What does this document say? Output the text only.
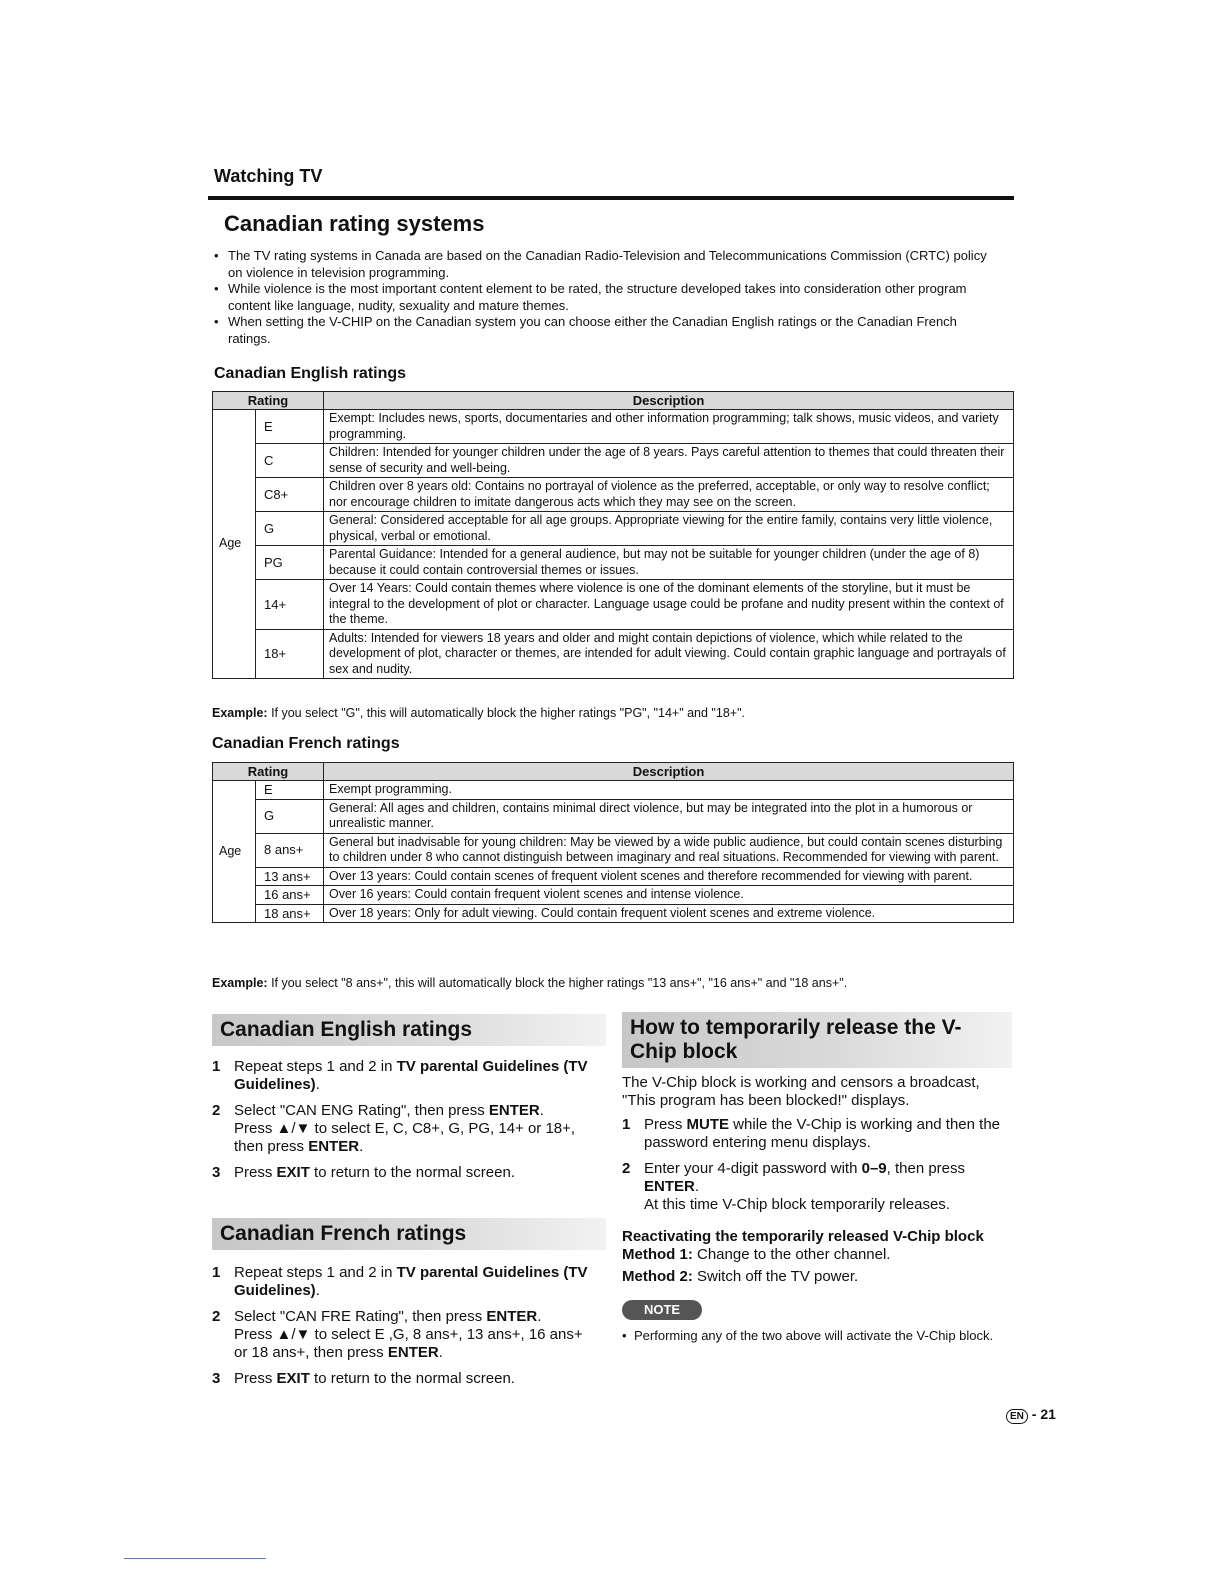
Watching TV
Canadian rating systems
• The TV rating systems in Canada are based on the Canadian Radio-Television and Telecommunications Commission (CRTC) policy on violence in television programming.
• While violence is the most important content element to be rated, the structure developed takes into consideration other program content like language, nudity, sexuality and mature themes.
• When setting the V-CHIP on the Canadian system you can choose either the Canadian English ratings or the Canadian French ratings.
Canadian English ratings
Rating		Description
Age	E	Exempt: Includes news, sports, documentaries and other information programming; talk shows, music videos, and variety programming.
	C	Children: Intended for younger children under the age of 8 years. Pays careful attention to themes that could threaten their sense of security and well-being.
	C8+	Children over 8 years old: Contains no portrayal of violence as the preferred, acceptable, or only way to resolve conflict; nor encourage children to imitate dangerous acts which they may see on the screen.
	G	General: Considered acceptable for all age groups. Appropriate viewing for the entire family, contains very little violence, physical, verbal or emotional.
	PG	Parental Guidance: Intended for a general audience, but may not be suitable for younger children (under the age of 8) because it could contain controversial themes or issues.
	14+	Over 14 Years: Could contain themes where violence is one of the dominant elements of the storyline, but it must be integral to the development of plot or character. Language usage could be profane and nudity present within the context of the theme.
	18+	Adults: Intended for viewers 18 years and older and might contain depictions of violence, which while related to the development of plot, character or themes, are intended for adult viewing. Could contain graphic language and portrayals of sex and nudity.
Example: If you select "G", this will automatically block the higher ratings "PG", "14+" and "18+".
Canadian French ratings
Rating		Description
Age	E	Exempt programming.
	G	General: All ages and children, contains minimal direct violence, but may be integrated into the plot in a humorous or unrealistic manner.
	8 ans+	General but inadvisable for young children: May be viewed by a wide public audience, but could contain scenes disturbing to children under 8 who cannot distinguish between imaginary and real situations. Recommended for viewing with parent.
	13 ans+	Over 13 years: Could contain scenes of frequent violent scenes and therefore recommended for viewing with parent.
	16 ans+	Over 16 years: Could contain frequent violent scenes and intense violence.
	18 ans+	Over 18 years: Only for adult viewing. Could contain frequent violent scenes and extreme violence.
Example: If you select "8 ans+", this will automatically block the higher ratings "13 ans+", "16 ans+" and "18 ans+".
Canadian English ratings
1 Repeat steps 1 and 2 in TV parental Guidelines (TV Guidelines).
2 Select "CAN ENG Rating", then press ENTER.
Press ▲/▼ to select E, C, C8+, G, PG, 14+ or 18+, then press ENTER.
3 Press EXIT to return to the normal screen.
Canadian French ratings
1 Repeat steps 1 and 2 in TV parental Guidelines (TV Guidelines).
2 Select "CAN FRE Rating", then press ENTER.
Press ▲/▼ to select E ,G, 8 ans+, 13 ans+, 16 ans+ or 18 ans+, then press ENTER.
3 Press EXIT to return to the normal screen.
How to temporarily release the V-Chip block
The V-Chip block is working and censors a broadcast, "This program has been blocked!" displays.
1 Press MUTE while the V-Chip is working and then the password entering menu displays.
2 Enter your 4-digit password with 0–9, then press ENTER.
At this time V-Chip block temporarily releases.
Reactivating the temporarily released V-Chip block
Method 1: Change to the other channel.
Method 2: Switch off the TV power.
NOTE
• Performing any of the two above will activate the V-Chip block.
EN - 21
